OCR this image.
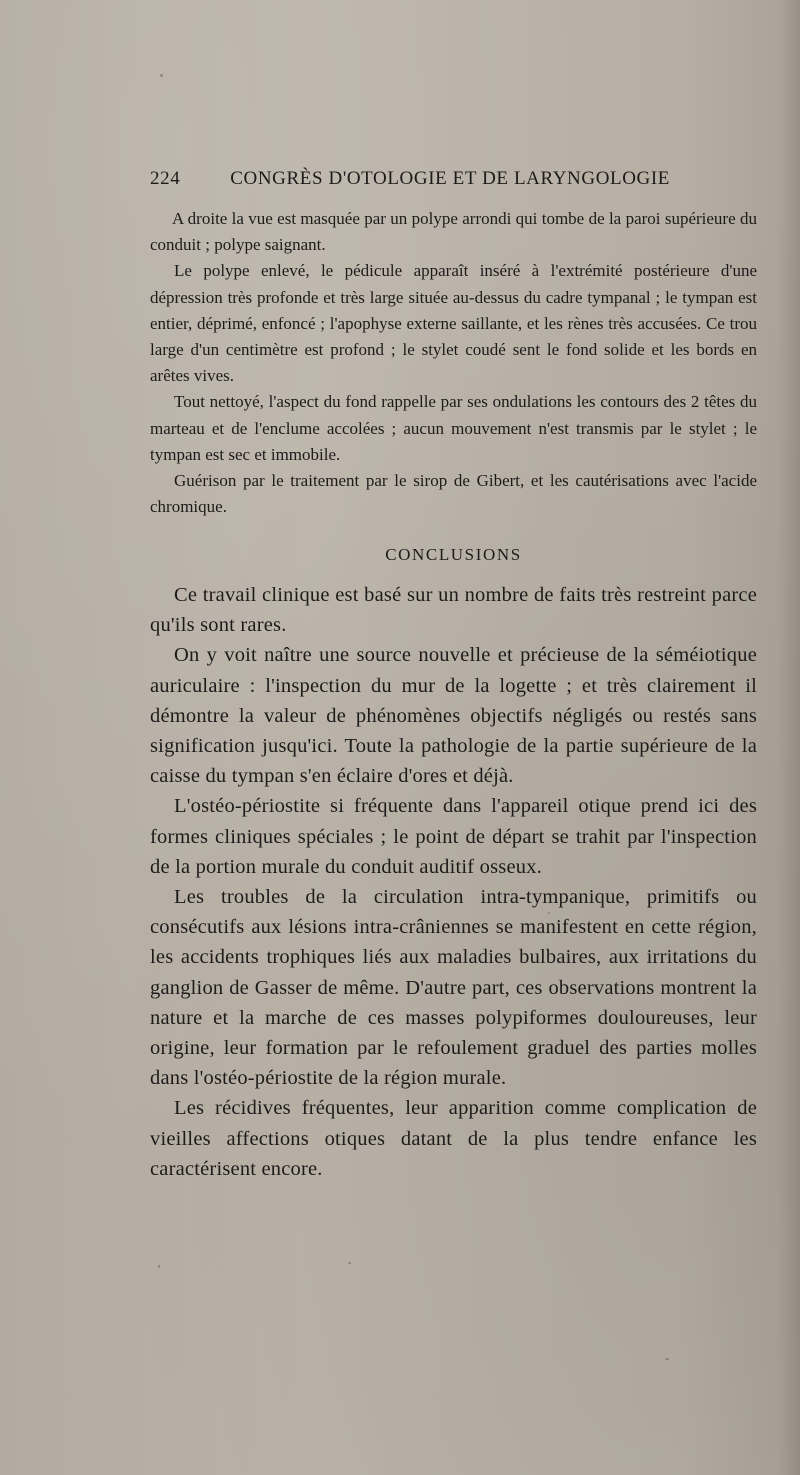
224	CONGRÈS D'OTOLOGIE ET DE LARYNGOLOGIE

A droite la vue est masquée par un polype arrondi qui tombe de la paroi supérieure du conduit ; polype saignant.

Le polype enlevé, le pédicule apparaît inséré à l'extrémité postérieure d'une dépression très profonde et très large située au-dessus du cadre tympanal ; le tympan est entier, déprimé, enfoncé ; l'apophyse externe saillante, et les rènes très accusées. Ce trou large d'un centimètre est profond ; le stylet coudé sent le fond solide et les bords en arêtes vives.

Tout nettoyé, l'aspect du fond rappelle par ses ondulations les contours des 2 têtes du marteau et de l'enclume accolées ; aucun mouvement n'est transmis par le stylet ; le tympan est sec et immobile.

Guérison par le traitement par le sirop de Gibert, et les cautérisations avec l'acide chromique.

CONCLUSIONS

Ce travail clinique est basé sur un nombre de faits très restreint parce qu'ils sont rares.

On y voit naître une source nouvelle et précieuse de la séméiotique auriculaire : l'inspection du mur de la logette ; et très clairement il démontre la valeur de phénomènes objectifs négligés ou restés sans signification jusqu'ici. Toute la pathologie de la partie supérieure de la caisse du tympan s'en éclaire d'ores et déjà.

L'ostéo-périostite si fréquente dans l'appareil otique prend ici des formes cliniques spéciales ; le point de départ se trahit par l'inspection de la portion murale du conduit auditif osseux.

Les troubles de la circulation intra-tympanique, primitifs ou consécutifs aux lésions intra-crâniennes se manifestent en cette région, les accidents trophiques liés aux maladies bulbaires, aux irritations du ganglion de Gasser de même. D'autre part, ces observations montrent la nature et la marche de ces masses polypiformes douloureuses, leur origine, leur formation par le refoulement graduel des parties molles dans l'ostéo-périostite de la région murale.

Les récidives fréquentes, leur apparition comme complication de vieilles affections otiques datant de la plus tendre enfance les caractérisent encore.
